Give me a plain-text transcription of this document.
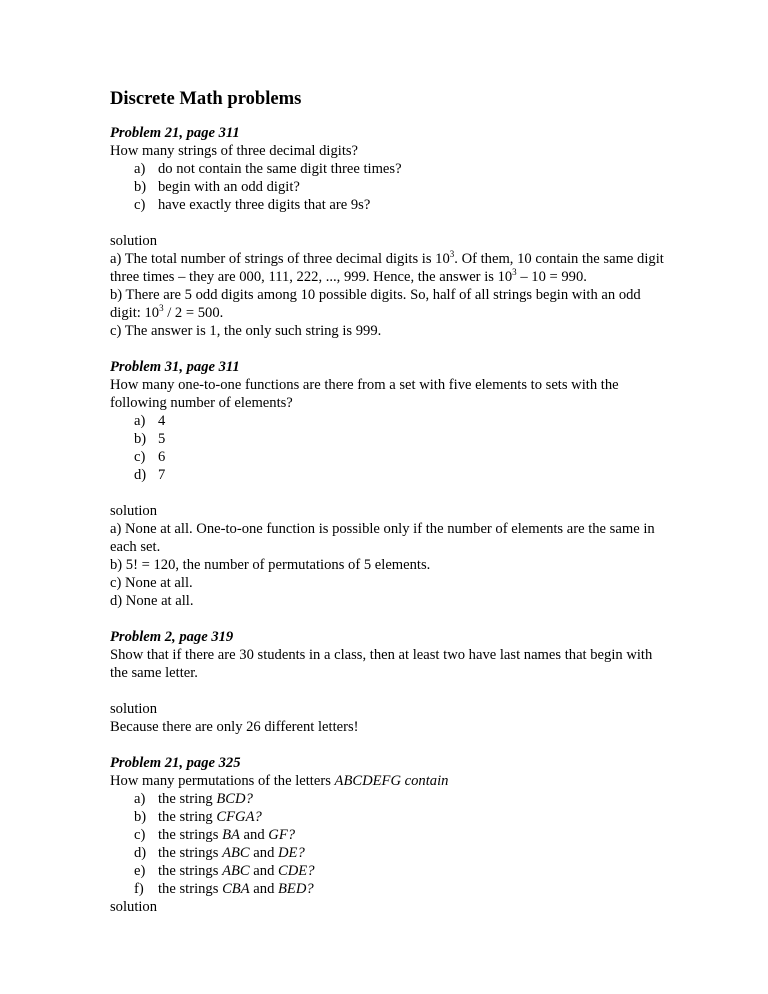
Discrete Math problems
Problem 21, page 311
How many strings of three decimal digits?
a) do not contain the same digit three times?
b) begin with an odd digit?
c) have exactly three digits that are 9s?
solution
a) The total number of strings of three decimal digits is $10^3$. Of them, 10 contain the same digit three times – they are 000, 111, 222, ..., 999. Hence, the answer is $10^3 - 10 = 990$.
b) There are 5 odd digits among 10 possible digits. So, half of all strings begin with an odd digit: $10^3 / 2 = 500$.
c) The answer is 1, the only such string is 999.
Problem 31, page 311
How many one-to-one functions are there from a set with five elements to sets with the following number of elements?
a) 4
b) 5
c) 6
d) 7
solution
a) None at all. One-to-one function is possible only if the number of elements are the same in each set.
b) 5! = 120, the number of permutations of 5 elements.
c) None at all.
d) None at all.
Problem 2, page 319
Show that if there are 30 students in a class, then at least two have last names that begin with the same letter.
solution
Because there are only 26 different letters!
Problem 21, page 325
How many permutations of the letters ABCDEFG contain
a) the string BCD?
b) the string CFGA?
c) the strings BA and GF?
d) the strings ABC and DE?
e) the strings ABC and CDE?
f) the strings CBA and BED?
solution
